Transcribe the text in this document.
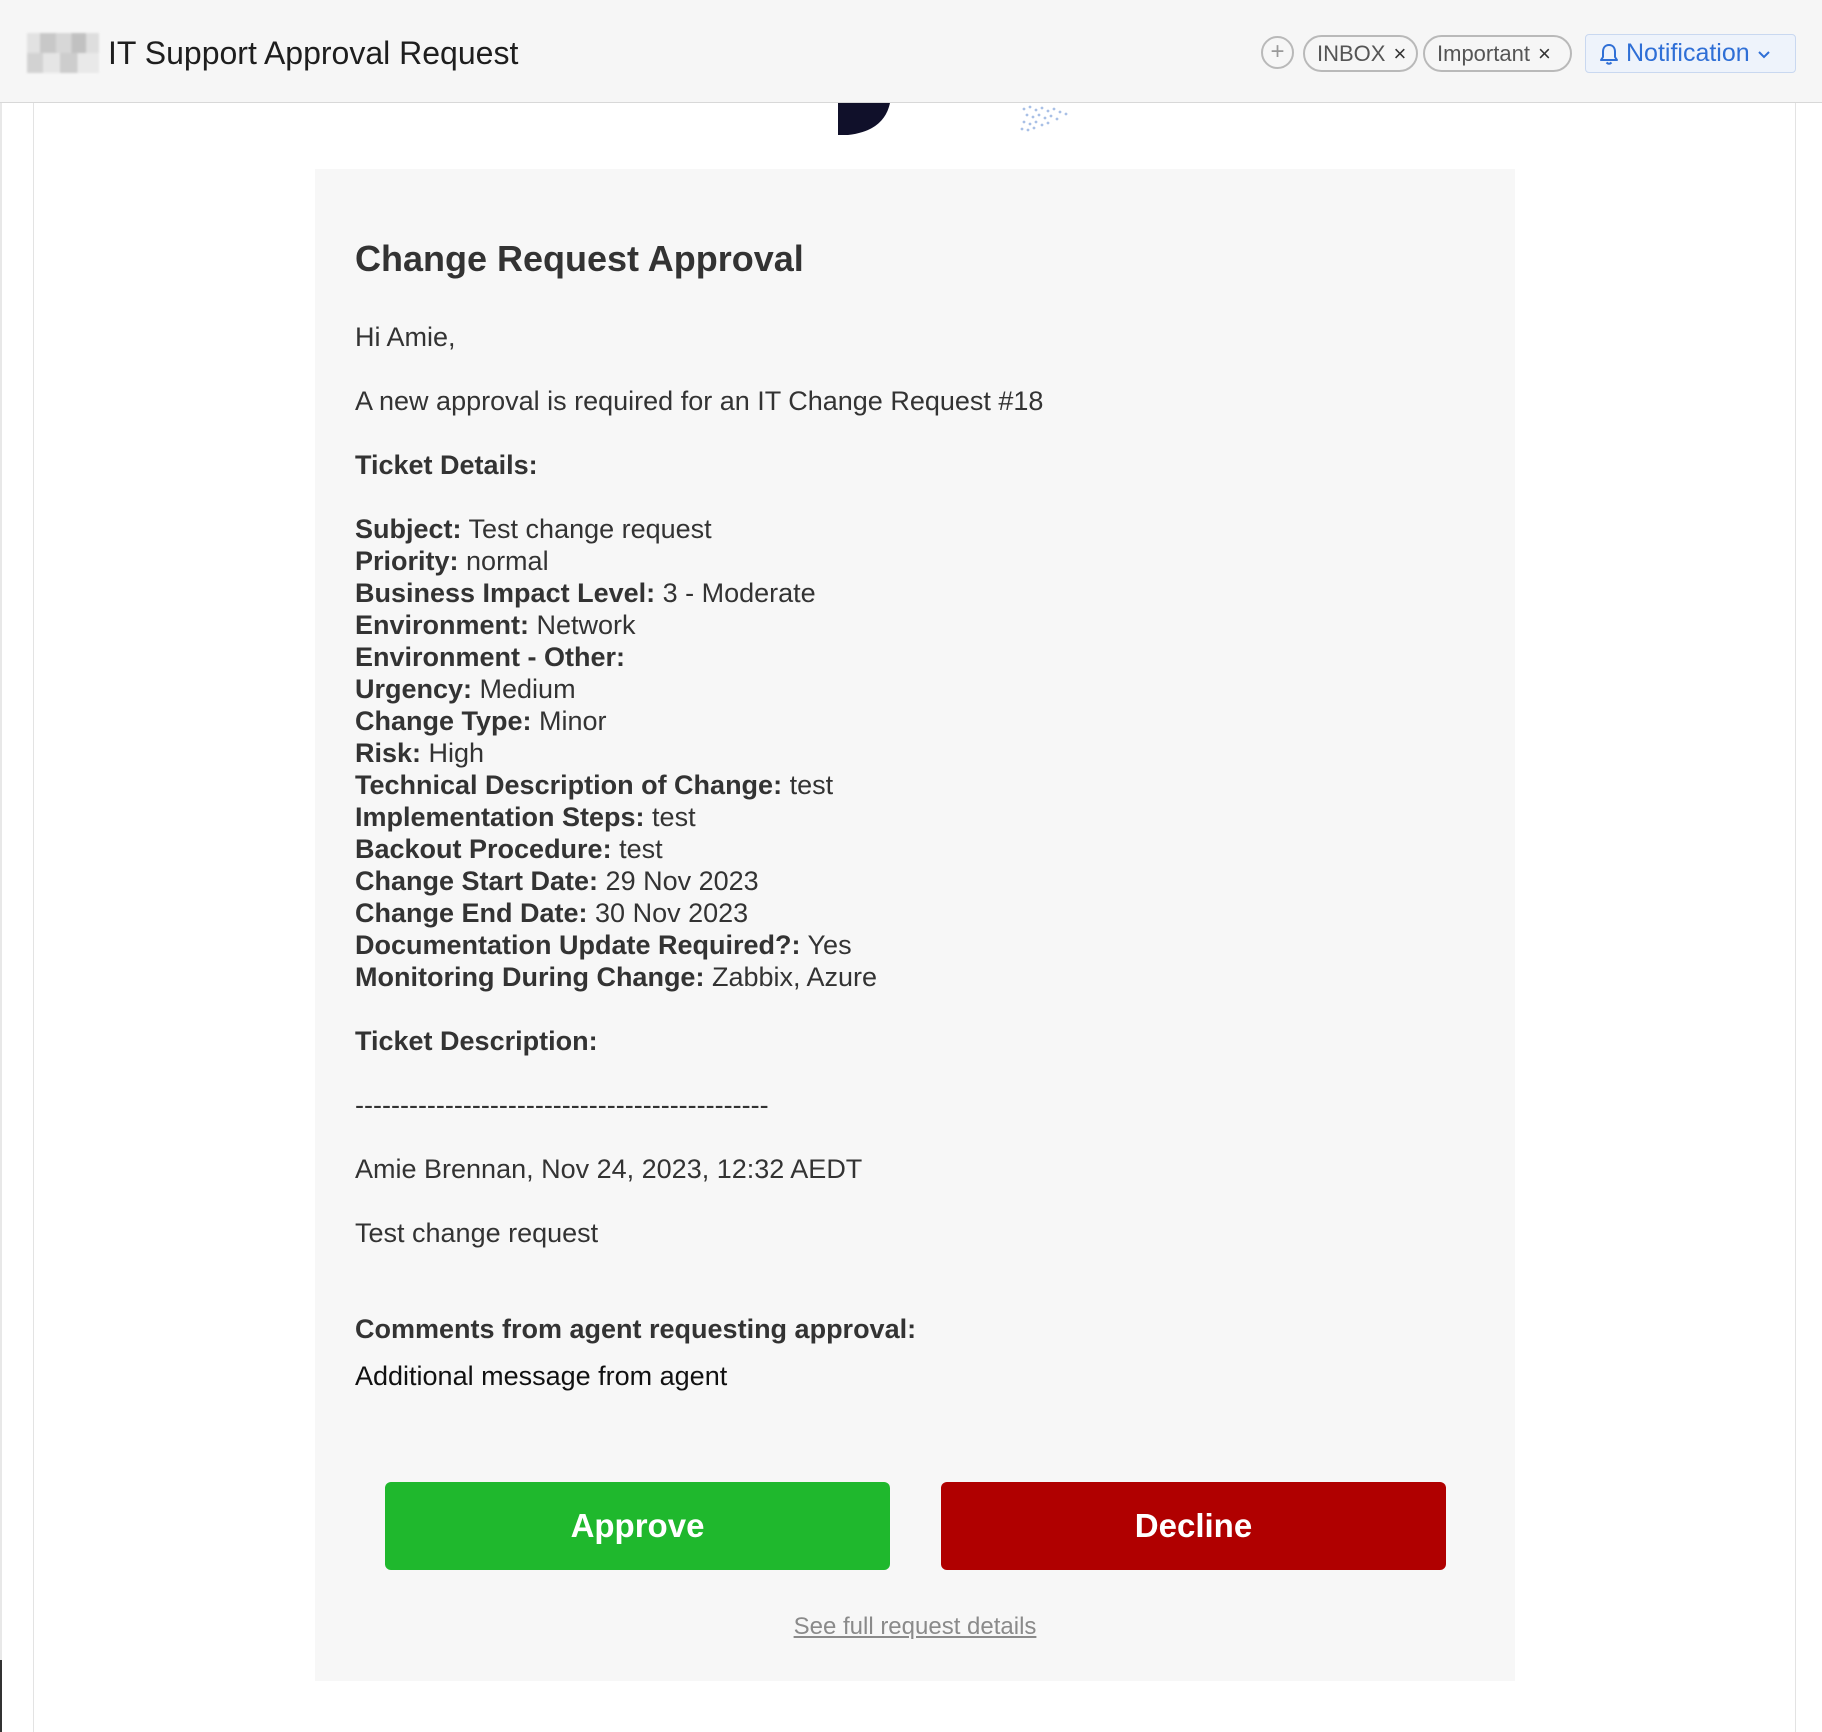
IT Support Approval Request	+	INBOX × Important ×	Notification
Change Request Approval
Hi Amie,
A new approval is required for an IT Change Request #18
Ticket Details:
Subject: Test change request
Priority: normal
Business Impact Level: 3 - Moderate
Environment: Network
Environment - Other:
Urgency: Medium
Change Type: Minor
Risk: High
Technical Description of Change: test
Implementation Steps: test
Backout Procedure: test
Change Start Date: 29 Nov 2023
Change End Date: 30 Nov 2023
Documentation Update Required?: Yes
Monitoring During Change: Zabbix, Azure
Ticket Description:
----------------------------------------------
Amie Brennan, Nov 24, 2023, 12:32 AEDT
Test change request
Comments from agent requesting approval:
Additional message from agent
Approve	Decline
See full request details
